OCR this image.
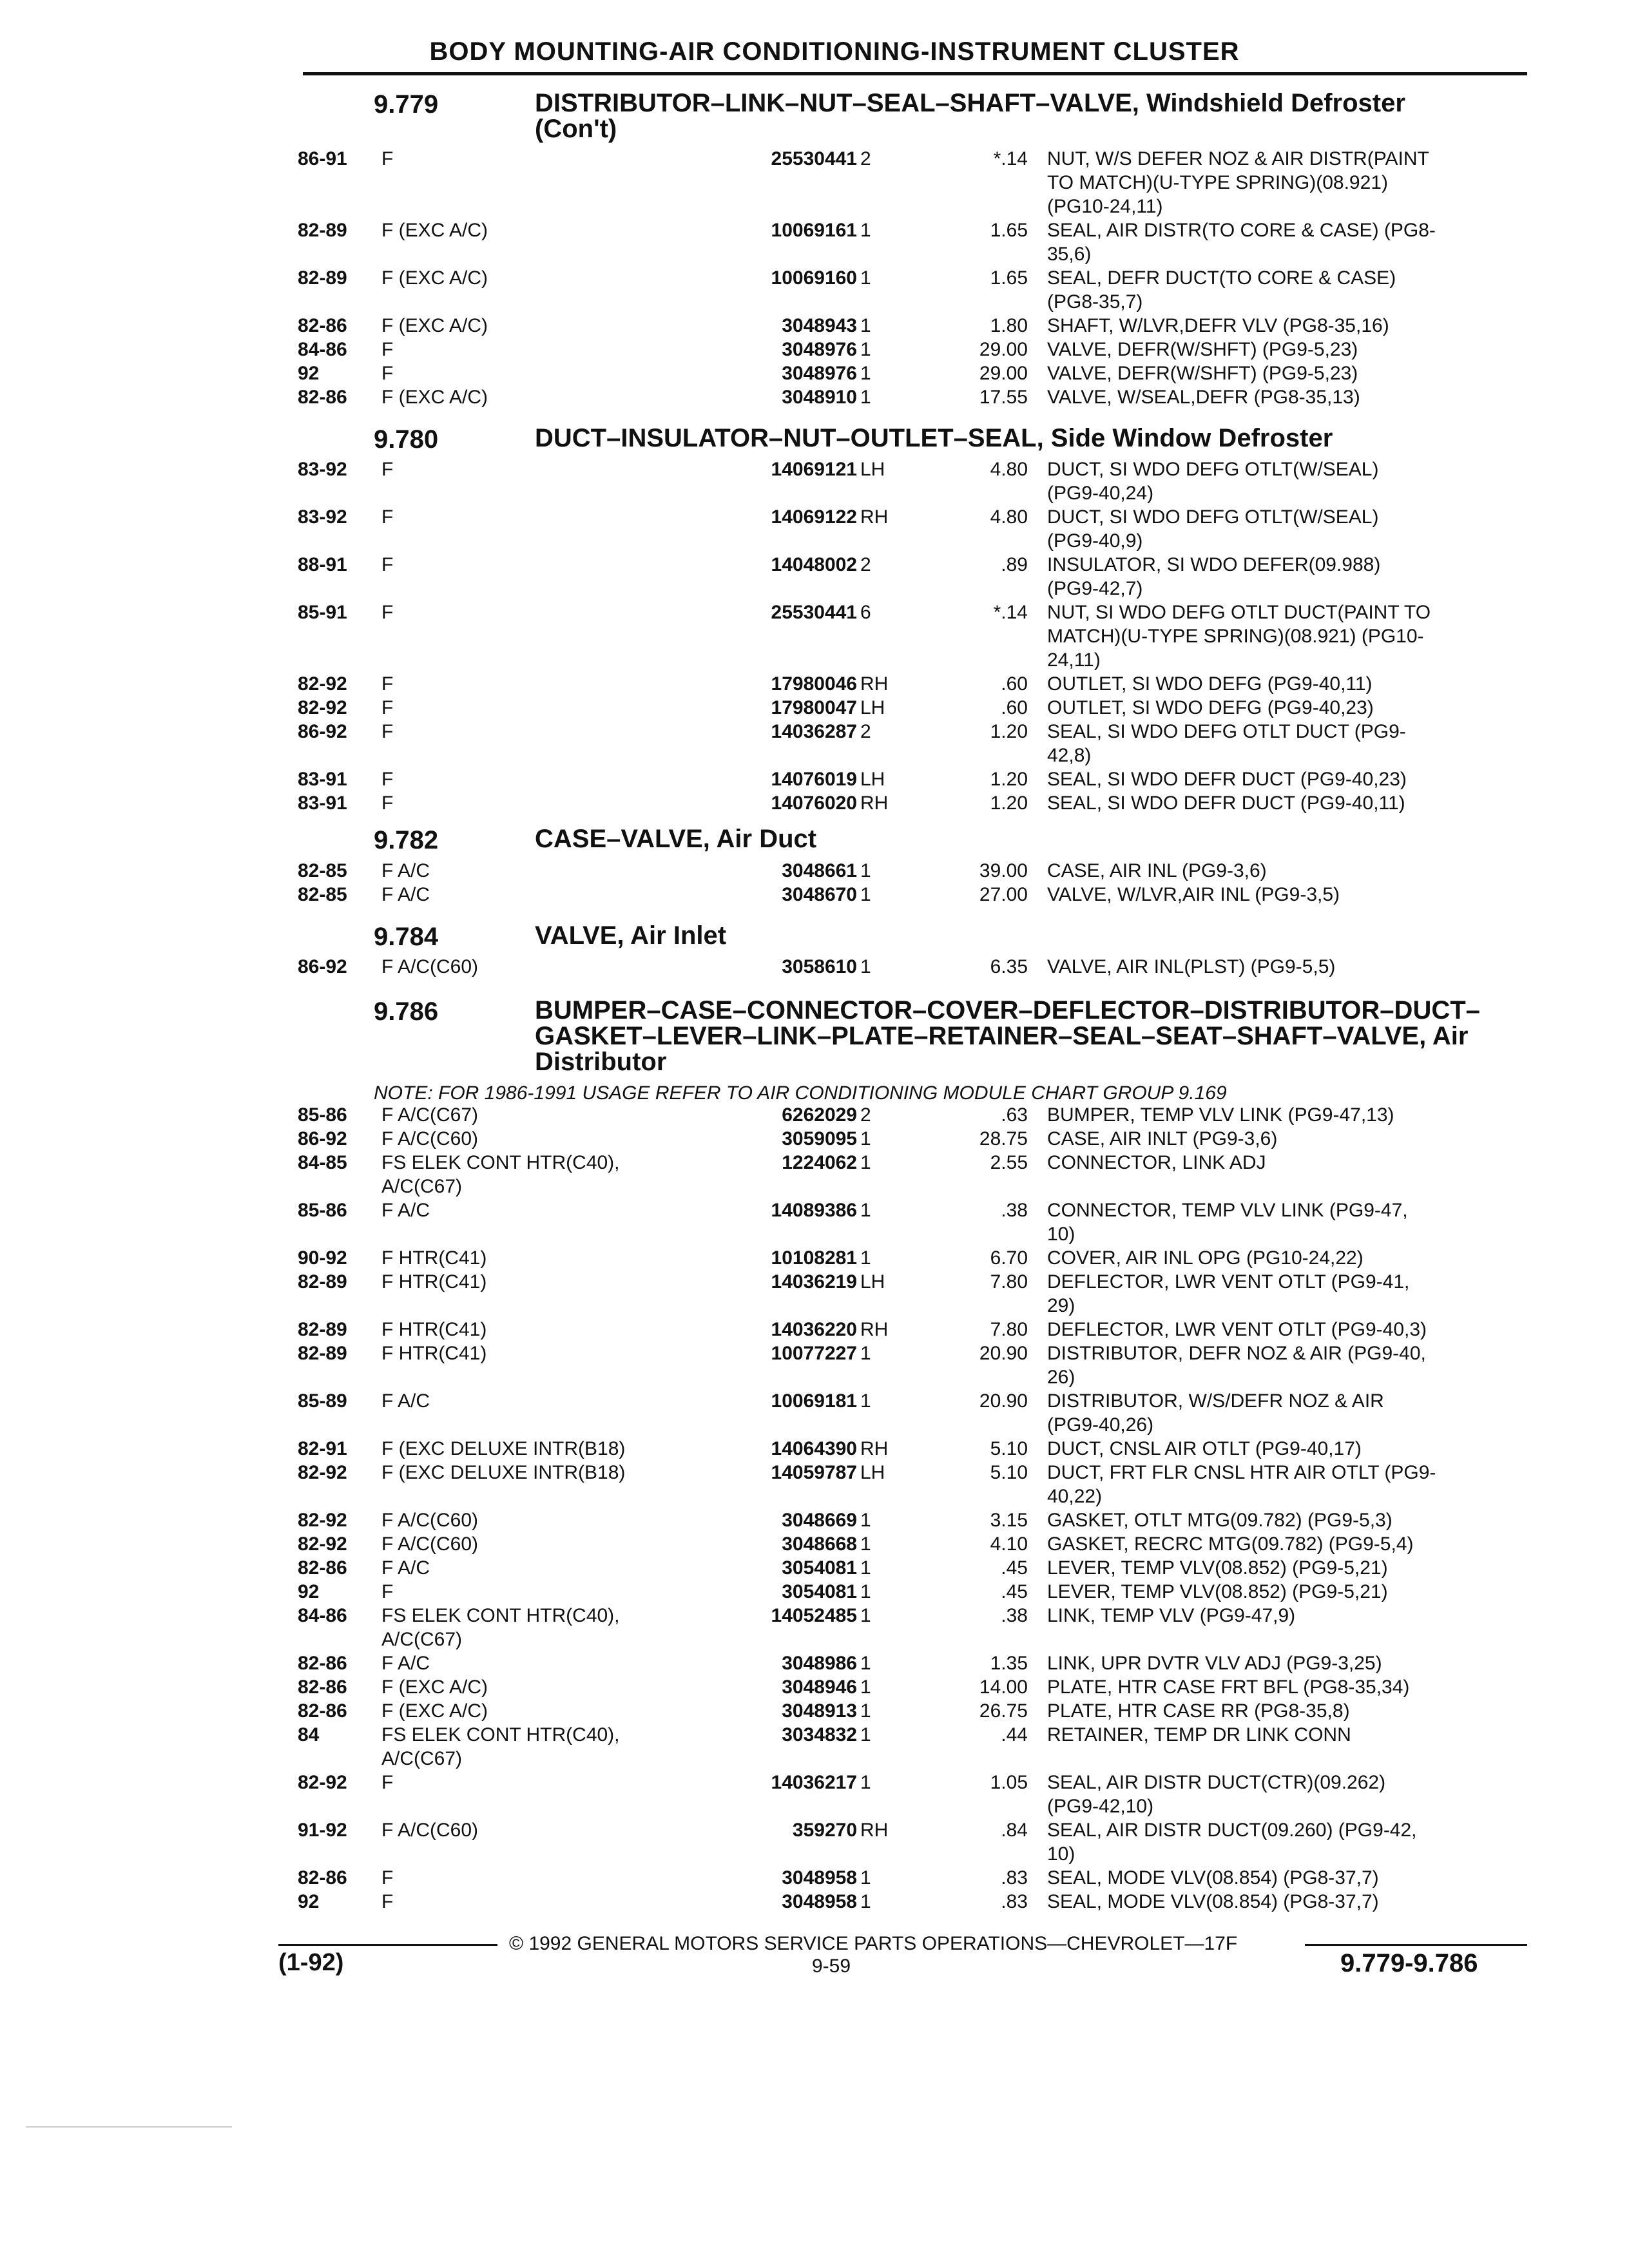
BODY MOUNTING-AIR CONDITIONING-INSTRUMENT CLUSTER
9.779	DISTRIBUTOR–LINK–NUT–SEAL–SHAFT–VALVE, Windshield Defroster
(Con't)
86-91 F	25530441 2	*.14 NUT, W/S DEFER NOZ & AIR DISTR(PAINT
TO MATCH)(U-TYPE SPRING)(08.921)
(PG10-24,11)
82-89 F (EXC A/C)	10069161 1	1.65 SEAL, AIR DISTR(TO CORE & CASE) (PG8-
35,6)
82-89 F (EXC A/C)	10069160 1	1.65 SEAL, DEFR DUCT(TO CORE & CASE)
(PG8-35,7)
82-86 F (EXC A/C)	3048943 1	1.80 SHAFT, W/LVR,DEFR VLV (PG8-35,16)
84-86 F	3048976 1	29.00 VALVE, DEFR(W/SHFT) (PG9-5,23)
92	F	3048976 1	29.00 VALVE, DEFR(W/SHFT) (PG9-5,23)
82-86 F (EXC A/C)	3048910 1	17.55 VALVE, W/SEAL,DEFR (PG8-35,13)
9.780	DUCT–INSULATOR–NUT–OUTLET–SEAL, Side Window Defroster
83-92 F	14069121 LH	4.80 DUCT, SI WDO DEFG OTLT(W/SEAL)
(PG9-40,24)
83-92 F	14069122 RH	4.80 DUCT, SI WDO DEFG OTLT(W/SEAL)
(PG9-40,9)
88-91 F	14048002 2	.89 INSULATOR, SI WDO DEFER(09.988)
(PG9-42,7)
85-91 F	25530441 6	*.14 NUT, SI WDO DEFG OTLT DUCT(PAINT TO
MATCH)(U-TYPE SPRING)(08.921) (PG10-
24,11)
82-92 F	17980046 RH	.60 OUTLET, SI WDO DEFG (PG9-40,11)
82-92 F	17980047 LH	.60 OUTLET, SI WDO DEFG (PG9-40,23)
86-92 F	14036287 2	1.20 SEAL, SI WDO DEFG OTLT DUCT (PG9-
42,8)
83-91 F	14076019 LH	1.20 SEAL, SI WDO DEFR DUCT (PG9-40,23)
83-91 F	14076020 RH	1.20 SEAL, SI WDO DEFR DUCT (PG9-40,11)
9.782	CASE–VALVE, Air Duct
82-85 F A/C	3048661 1	39.00 CASE, AIR INL (PG9-3,6)
82-85 F A/C	3048670 1	27.00 VALVE, W/LVR,AIR INL (PG9-3,5)
9.784	VALVE, Air Inlet
86-92 F A/C(C60)	3058610 1	6.35 VALVE, AIR INL(PLST) (PG9-5,5)
9.786	BUMPER–CASE–CONNECTOR–COVER–DEFLECTOR–DISTRIBUTOR–DUCT–GASKET–LEVER–LINK–PLATE–RETAINER–SEAL–SEAT–SHAFT–VALVE, Air Distributor
NOTE: FOR 1986-1991 USAGE REFER TO AIR CONDITIONING MODULE CHART GROUP 9.169
85-86 F A/C(C67)	6262029 2	.63 BUMPER, TEMP VLV LINK (PG9-47,13)
86-92 F A/C(C60)	3059095 1	28.75 CASE, AIR INLT (PG9-3,6)
84-85 FS ELEK CONT HTR(C40),
A/C(C67)
1224062 1	2.55 CONNECTOR, LINK ADJ
85-86 F A/C	14089386 1	.38 CONNECTOR, TEMP VLV LINK (PG9-47,
10)
90-92 F HTR(C41)	10108281 1	6.70 COVER, AIR INL OPG (PG10-24,22)
82-89 F HTR(C41)	14036219 LH	7.80 DEFLECTOR, LWR VENT OTLT (PG9-41,
29)
82-89 F HTR(C41)	14036220 RH	7.80 DEFLECTOR, LWR VENT OTLT (PG9-40,3)
82-89 F HTR(C41)	10077227 1	20.90 DISTRIBUTOR, DEFR NOZ & AIR (PG9-40,
26)
85-89 F A/C	10069181 1	20.90 DISTRIBUTOR, W/S/DEFR NOZ & AIR
(PG9-40,26)
82-91 F (EXC DELUXE INTR(B18)	14064390 RH	5.10 DUCT, CNSL AIR OTLT (PG9-40,17)
82-92 F (EXC DELUXE INTR(B18)	14059787 LH	5.10 DUCT, FRT FLR CNSL HTR AIR OTLT (PG9-
40,22)
82-92 F A/C(C60)	3048669 1	3.15 GASKET, OTLT MTG(09.782) (PG9-5,3)
82-92 F A/C(C60)	3048668 1	4.10 GASKET, RECRC MTG(09.782) (PG9-5,4)
82-86 F A/C	3054081 1	.45 LEVER, TEMP VLV(08.852) (PG9-5,21)
92	F	3054081 1	.45 LEVER, TEMP VLV(08.852) (PG9-5,21)
84-86 FS ELEK CONT HTR(C40),
A/C(C67)
14052485 1	.38 LINK, TEMP VLV (PG9-47,9)
82-86 F A/C	3048986 1	1.35 LINK, UPR DVTR VLV ADJ (PG9-3,25)
82-86 F (EXC A/C)	3048946 1	14.00 PLATE, HTR CASE FRT BFL (PG8-35,34)
82-86 F (EXC A/C)	3048913 1	26.75 PLATE, HTR CASE RR (PG8-35,8)
84	FS ELEK CONT HTR(C40),
A/C(C67)
3034832 1	.44 RETAINER, TEMP DR LINK CONN
82-92 F	14036217 1	1.05 SEAL, AIR DISTR DUCT(CTR)(09.262)
(PG9-42,10)
91-92 F A/C(C60)	359270 RH	.84 SEAL, AIR DISTR DUCT(09.260) (PG9-42,
10)
82-86 F	3048958 1	.83 SEAL, MODE VLV(08.854) (PG8-37,7)
92	F	3048958 1	.83 SEAL, MODE VLV(08.854) (PG8-37,7)
© 1992 GENERAL MOTORS SERVICE PARTS OPERATIONS—CHEVROLET—17F
(1-92)	9-59	9.779-9.786
